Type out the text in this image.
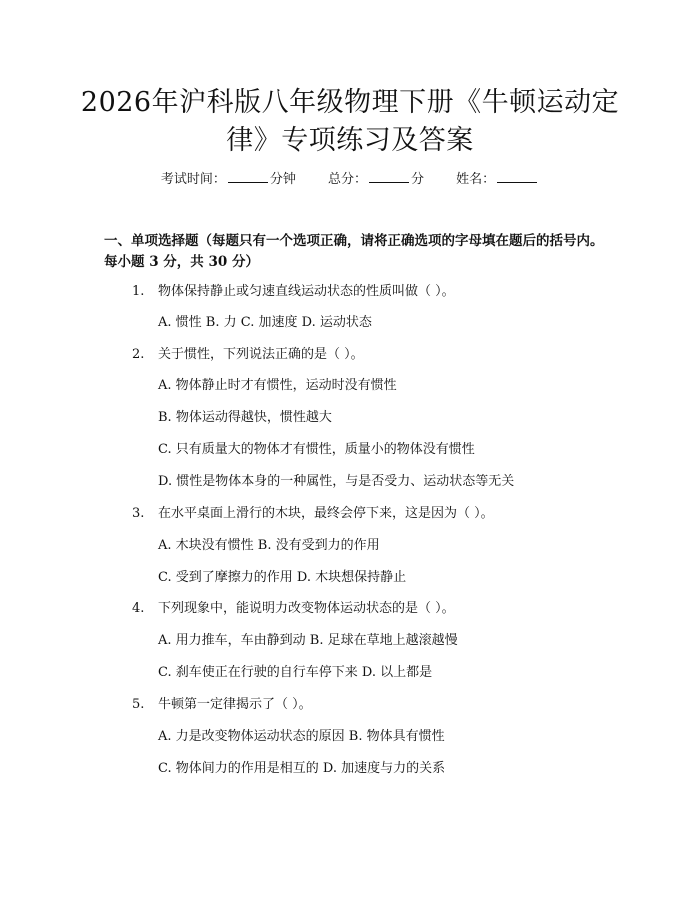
2026年沪科版八年级物理下册《牛顿运动定
律》专项练习及答案
考试时间：	分钟 总分：	分 姓名：
一、单项选择题（每题只有一个选项正确，请将正确选项的字母填在题后的括号内。每小题 3 分，共 30 分）
1. 物体保持静止或匀速直线运动状态的性质叫做（ ）。
A. 惯性 B. 力 C. 加速度 D. 运动状态
2. 关于惯性，下列说法正确的是（ ）。
A. 物体静止时才有惯性，运动时没有惯性
B. 物体运动得越快，惯性越大
C. 只有质量大的物体才有惯性，质量小的物体没有惯性
D. 惯性是物体本身的一种属性，与是否受力、运动状态等无关
3. 在水平桌面上滑行的木块，最终会停下来，这是因为（ ）。
A. 木块没有惯性 B. 没有受到力的作用
C. 受到了摩擦力的作用 D. 木块想保持静止
4. 下列现象中，能说明力改变物体运动状态的是（ ）。
A. 用力推车，车由静到动 B. 足球在草地上越滚越慢
C. 刹车使正在行驶的自行车停下来 D. 以上都是
5. 牛顿第一定律揭示了（ ）。
A. 力是改变物体运动状态的原因 B. 物体具有惯性
C. 物体间力的作用是相互的 D. 加速度与力的关系
